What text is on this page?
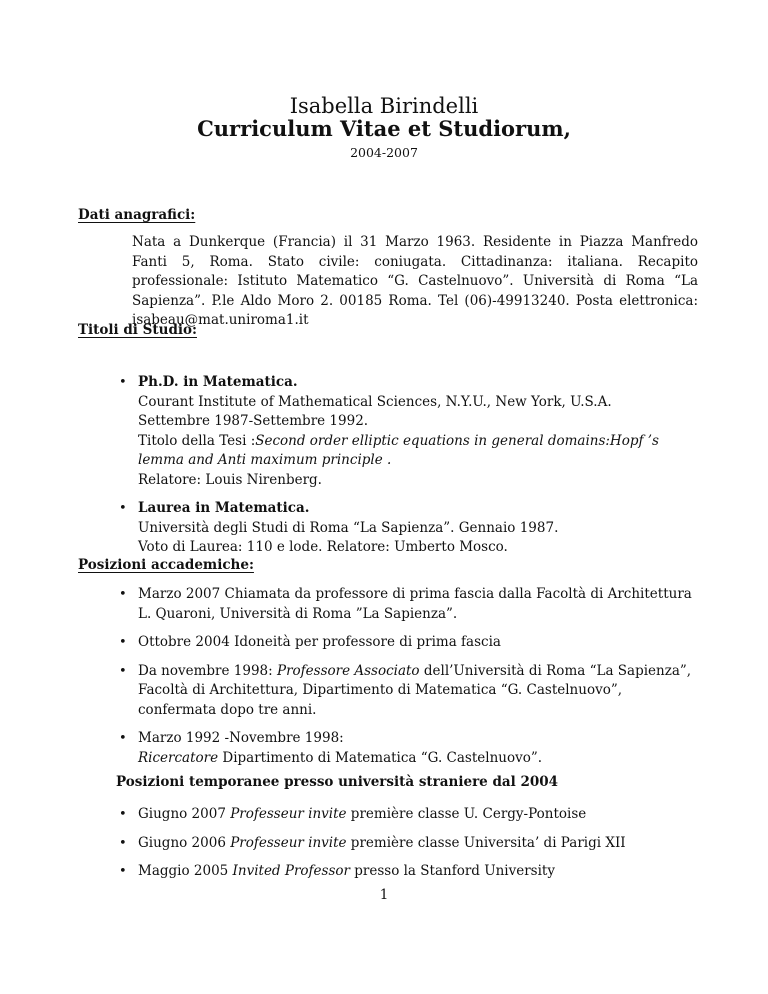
Isabella Birindelli
Curriculum Vitae et Studiorum,
2004-2007
Dati anagrafici:
Nata a Dunkerque (Francia) il 31 Marzo 1963. Residente in Piazza Manfredo Fanti 5, Roma. Stato civile: coniugata. Cittadinanza: italiana. Recapito professionale: Istituto Matematico “G. Castelnuovo”. Università di Roma “La Sapienza”. P.le Aldo Moro 2. 00185 Roma. Tel (06)-49913240. Posta elettronica: isabeau@mat.uniroma1.it
Titoli di Studio:
• Ph.D. in Matematica.
Courant Institute of Mathematical Sciences, N.Y.U., New York, U.S.A.
Settembre 1987-Settembre 1992.
Titolo della Tesi :Second order elliptic equations in general domains:Hopf ’s lemma and Anti maximum principle .
Relatore: Louis Nirenberg.
• Laurea in Matematica.
Università degli Studi di Roma “La Sapienza”. Gennaio 1987.
Voto di Laurea: 110 e lode. Relatore: Umberto Mosco.
Posizioni accademiche:
• Marzo 2007 Chiamata da professore di prima fascia dalla Facoltà di Architettura L. Quaroni, Università di Roma ”La Sapienza”.
• Ottobre 2004 Idoneità per professore di prima fascia
• Da novembre 1998: Professore Associato dell’Università di Roma “La Sapienza”, Facoltà di Architettura, Dipartimento di Matematica “G. Castelnuovo”, confermata dopo tre anni.
• Marzo 1992 -Novembre 1998:
Ricercatore Dipartimento di Matematica “G. Castelnuovo”.
Posizioni temporanee presso università straniere dal 2004
• Giugno 2007 Professeur invite première classe U. Cergy-Pontoise
• Giugno 2006 Professeur invite première classe Universita’ di Parigi XII
• Maggio 2005 Invited Professor presso la Stanford University
1
